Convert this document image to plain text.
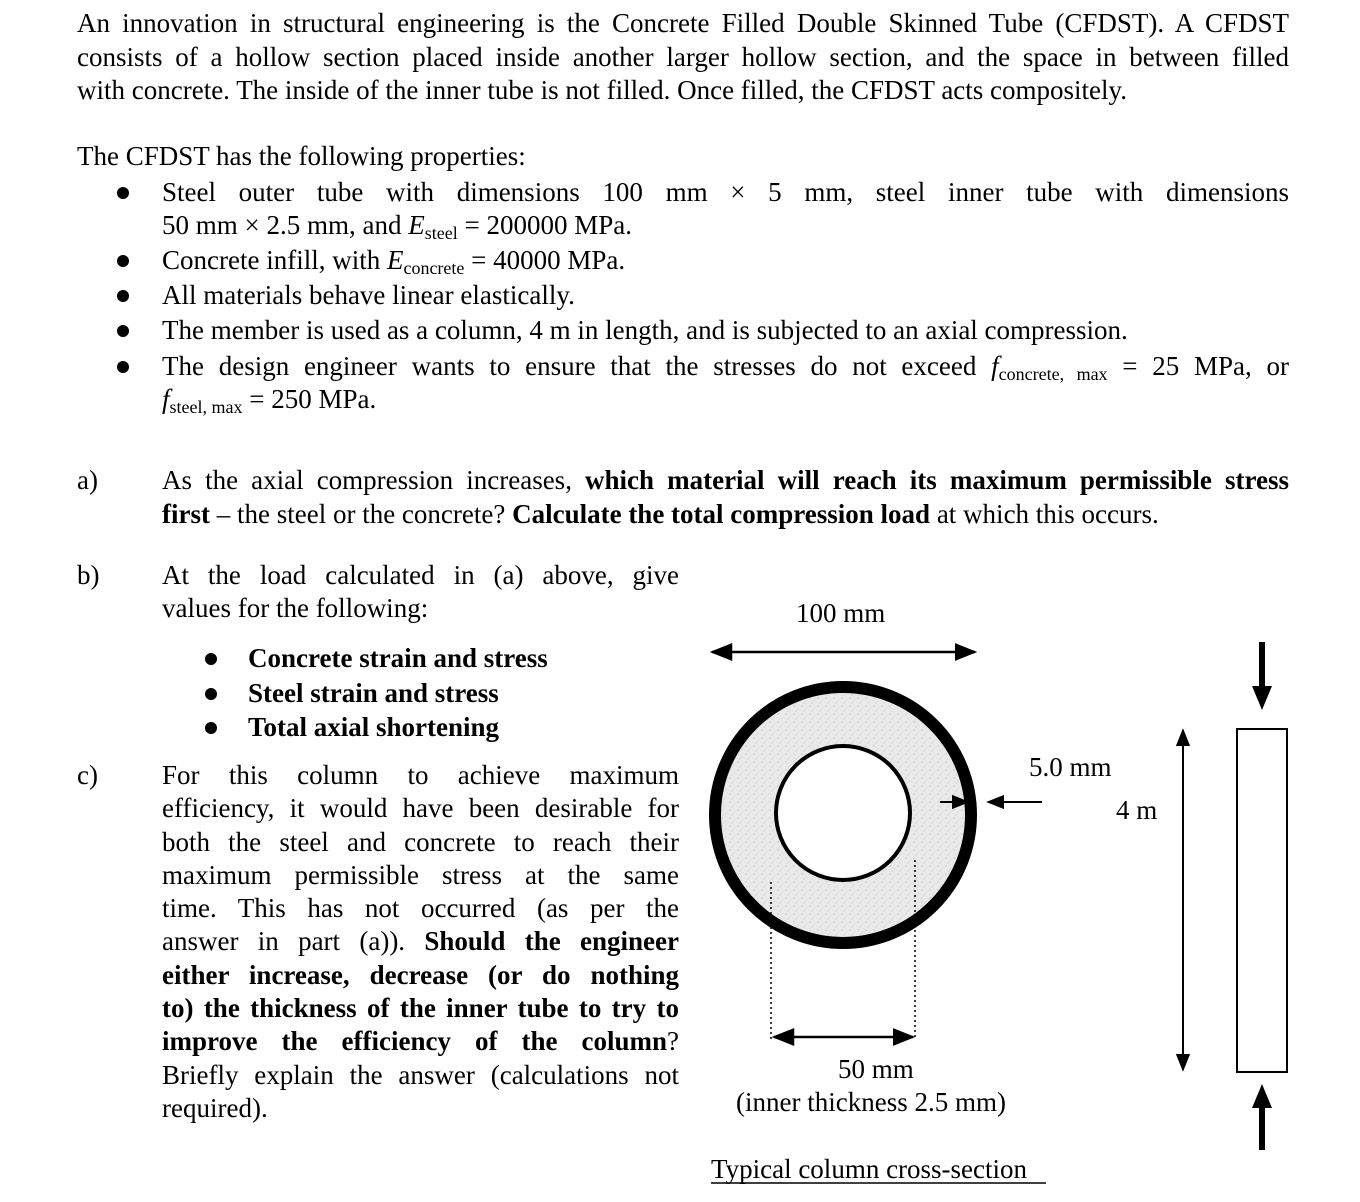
An innovation in structural engineering is the Concrete Filled Double Skinned Tube (CFDST). A CFDST
consists of a hollow section placed inside another larger hollow section, and the space in between filled
with concrete. The inside of the inner tube is not filled. Once filled, the CFDST acts compositely.
The CFDST has the following properties:
Steel outer tube with dimensions 100 mm × 5 mm, steel inner tube with dimensions
50 mm × 2.5 mm, and $E_{steel} = 200000$ MPa.
Concrete infill, with $E_{concrete} = 40000$ MPa.
All materials behave linear elastically.
The member is used as a column, 4 m in length, and is subjected to an axial compression.
The design engineer wants to ensure that the stresses do not exceed $f_{concrete, max} = 25$ MPa, or
$f_{steel, max} = 250$ MPa.
a) As the axial compression increases, which material will reach its maximum permissible stress
first – the steel or the concrete? Calculate the total compression load at which this occurs.
b) At the load calculated in (a) above, give
values for the following:
Concrete strain and stress
Steel strain and stress
Total axial shortening
c) For this column to achieve maximum
efficiency, it would have been desirable for
both the steel and concrete to reach their
maximum permissible stress at the same
time. This has not occurred (as per the
answer in part (a)). Should the engineer
either increase, decrease (or do nothing
to) the thickness of the inner tube to try to
improve the efficiency of the column?
Briefly explain the answer (calculations not
required).
100 mm
5.0 mm
4 m
50 mm
(inner thickness 2.5 mm)
Typical column cross-section
